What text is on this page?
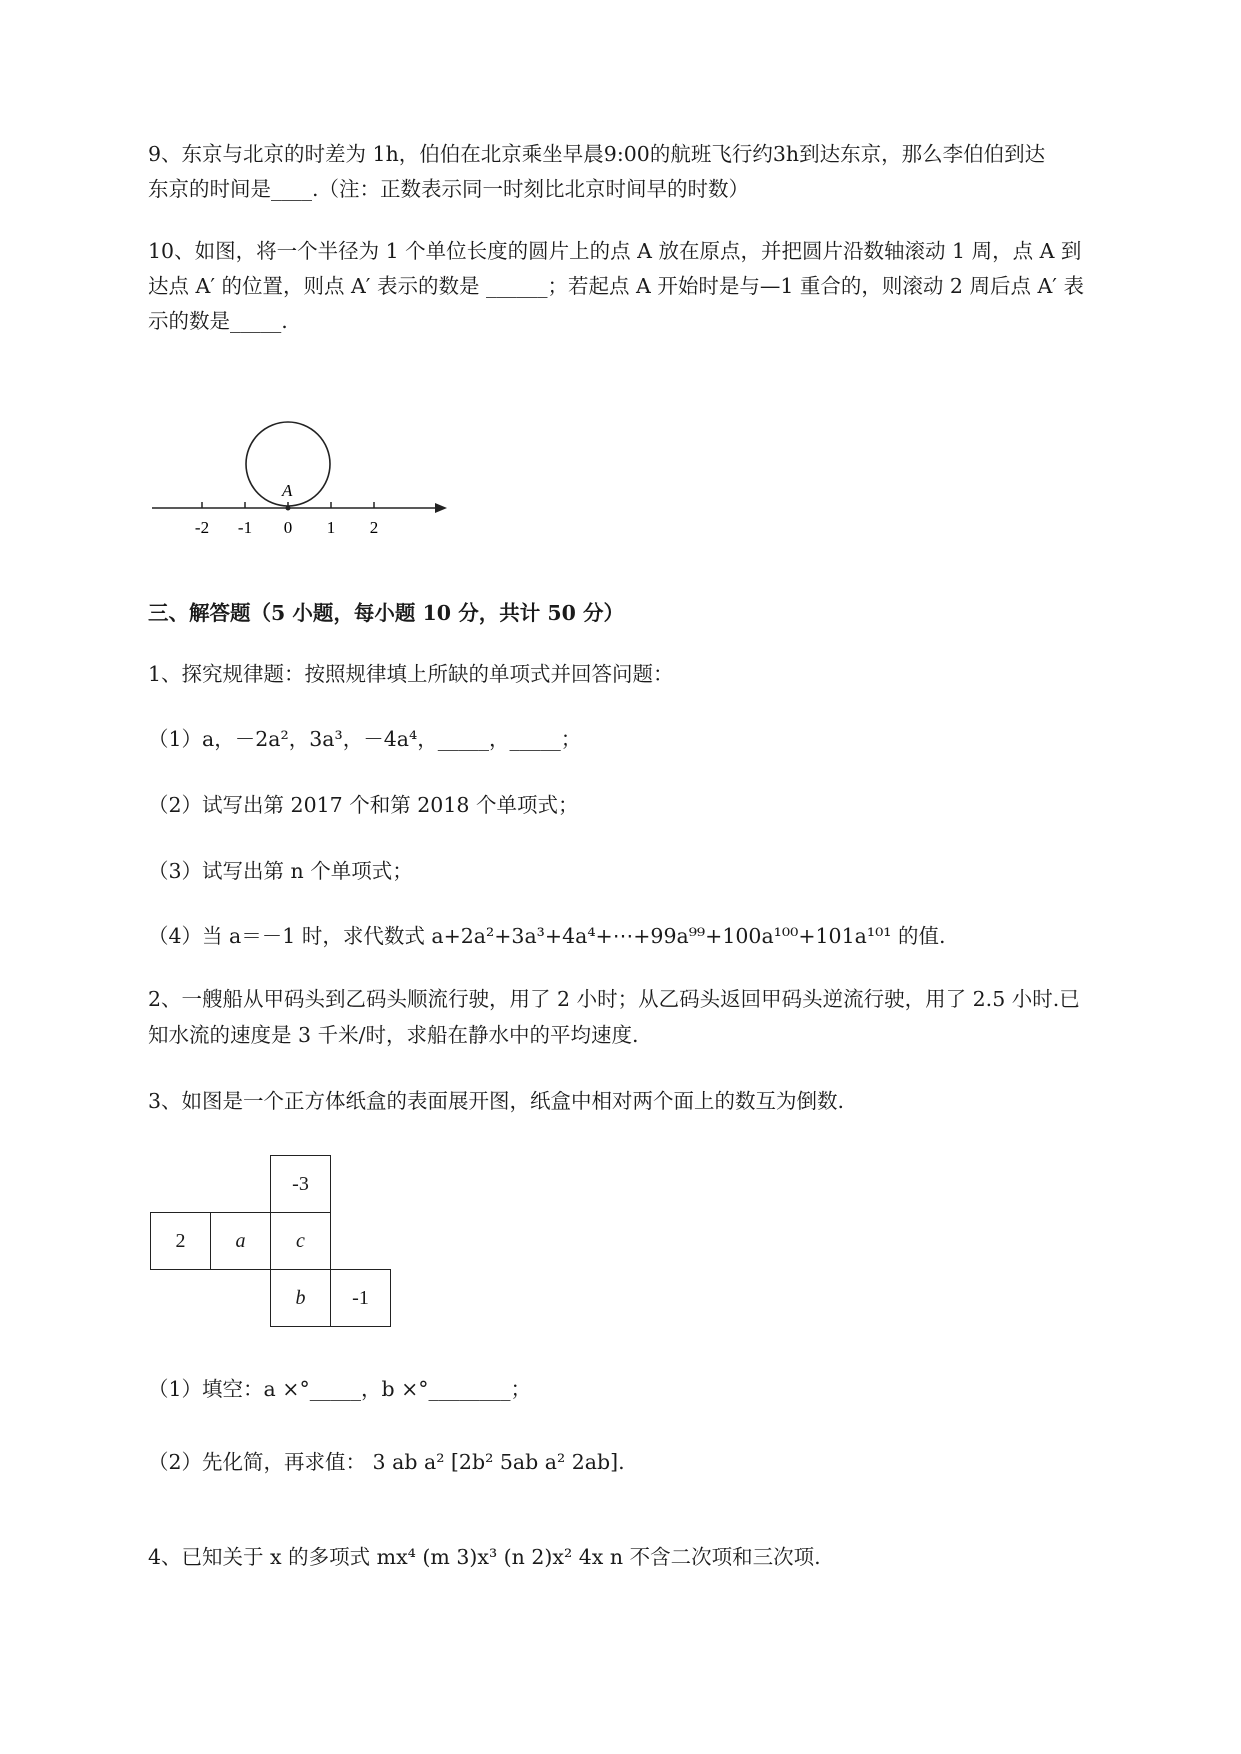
9、东京与北京的时差为 1h，伯伯在北京乘坐早晨9:00的航班飞行约3h到达东京，那么李伯伯到达
东京的时间是____.（注：正数表示同一时刻比北京时间早的时数）
10、如图，将一个半径为 1 个单位长度的圆片上的点 A 放在原点，并把圆片沿数轴滚动 1 周，点 A 到
达点 A′ 的位置，则点 A′ 表示的数是 ______；若起点 A 开始时是与—1 重合的，则滚动 2 周后点 A′ 表
示的数是_____.
A
-2 -1 0 1 2
三、解答题（5 小题，每小题 10 分，共计 50 分）
1、探究规律题：按照规律填上所缺的单项式并回答问题：
（1）a，－2a²，3a³，－4a⁴，_____，_____；
（2）试写出第 2017 个和第 2018 个单项式；
（3）试写出第 n 个单项式；
（4）当 a＝－1 时，求代数式 a+2a²+3a³+4a⁴+⋯+99a⁹⁹+100a¹⁰⁰+101a¹⁰¹ 的值.
2、一艘船从甲码头到乙码头顺流行驶，用了 2 小时；从乙码头返回甲码头逆流行驶，用了 2.5 小时.已
知水流的速度是 3 千米/时，求船在静水中的平均速度.
3、如图是一个正方体纸盒的表面展开图，纸盒中相对两个面上的数互为倒数.
-3
2	a	c
b	-1
（1）填空：a ×°_____，b ×°________；
（2）先化简，再求值： 3 ab a² [2b² 5ab a² 2ab].
4、已知关于 x 的多项式 mx⁴ (m 3)x³ (n 2)x² 4x n 不含二次项和三次项.
